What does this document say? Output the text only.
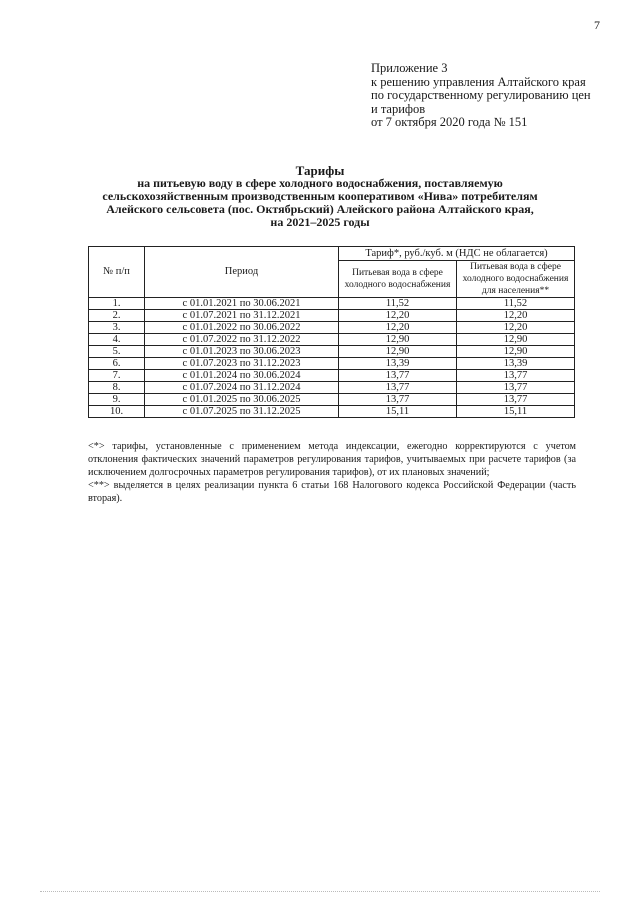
7
Приложение 3
к решению управления Алтайского края
по государственному регулированию цен
и тарифов
от 7 октября 2020 года № 151
Тарифы
на питьевую воду в сфере холодного водоснабжения, поставляемую
сельскохозяйственным производственным кооперативом «Нива» потребителям
Алейского сельсовета (пос. Октябрьский) Алейского района Алтайского края,
на 2021–2025 годы
№ п/п	Период	Тариф*, руб./куб. м (НДС не облагается)	
		Питьевая вода в сфере холодного водоснабжения	Питьевая вода в сфере холодного водоснабжения для населения**
1.	с 01.01.2021 по 30.06.2021	11,52	11,52
2.	с 01.07.2021 по 31.12.2021	12,20	12,20
3.	с 01.01.2022 по 30.06.2022	12,20	12,20
4.	с 01.07.2022 по 31.12.2022	12,90	12,90
5.	с 01.01.2023 по 30.06.2023	12,90	12,90
6.	с 01.07.2023 по 31.12.2023	13,39	13,39
7.	с 01.01.2024 по 30.06.2024	13,77	13,77
8.	с 01.07.2024 по 31.12.2024	13,77	13,77
9.	с 01.01.2025 по 30.06.2025	13,77	13,77
10.	с 01.07.2025 по 31.12.2025	15,11	15,11

<*> тарифы, установленные с применением метода индексации, ежегодно корректируются с учетом отклонения фактических значений параметров регулирования тарифов, учитываемых при расчете тарифов (за исключением долгосрочных параметров регулирования тарифов), от их плановых значений;

<**> выделяется в целях реализации пункта 6 статьи 168 Налогового кодекса Российской Федерации (часть вторая).
